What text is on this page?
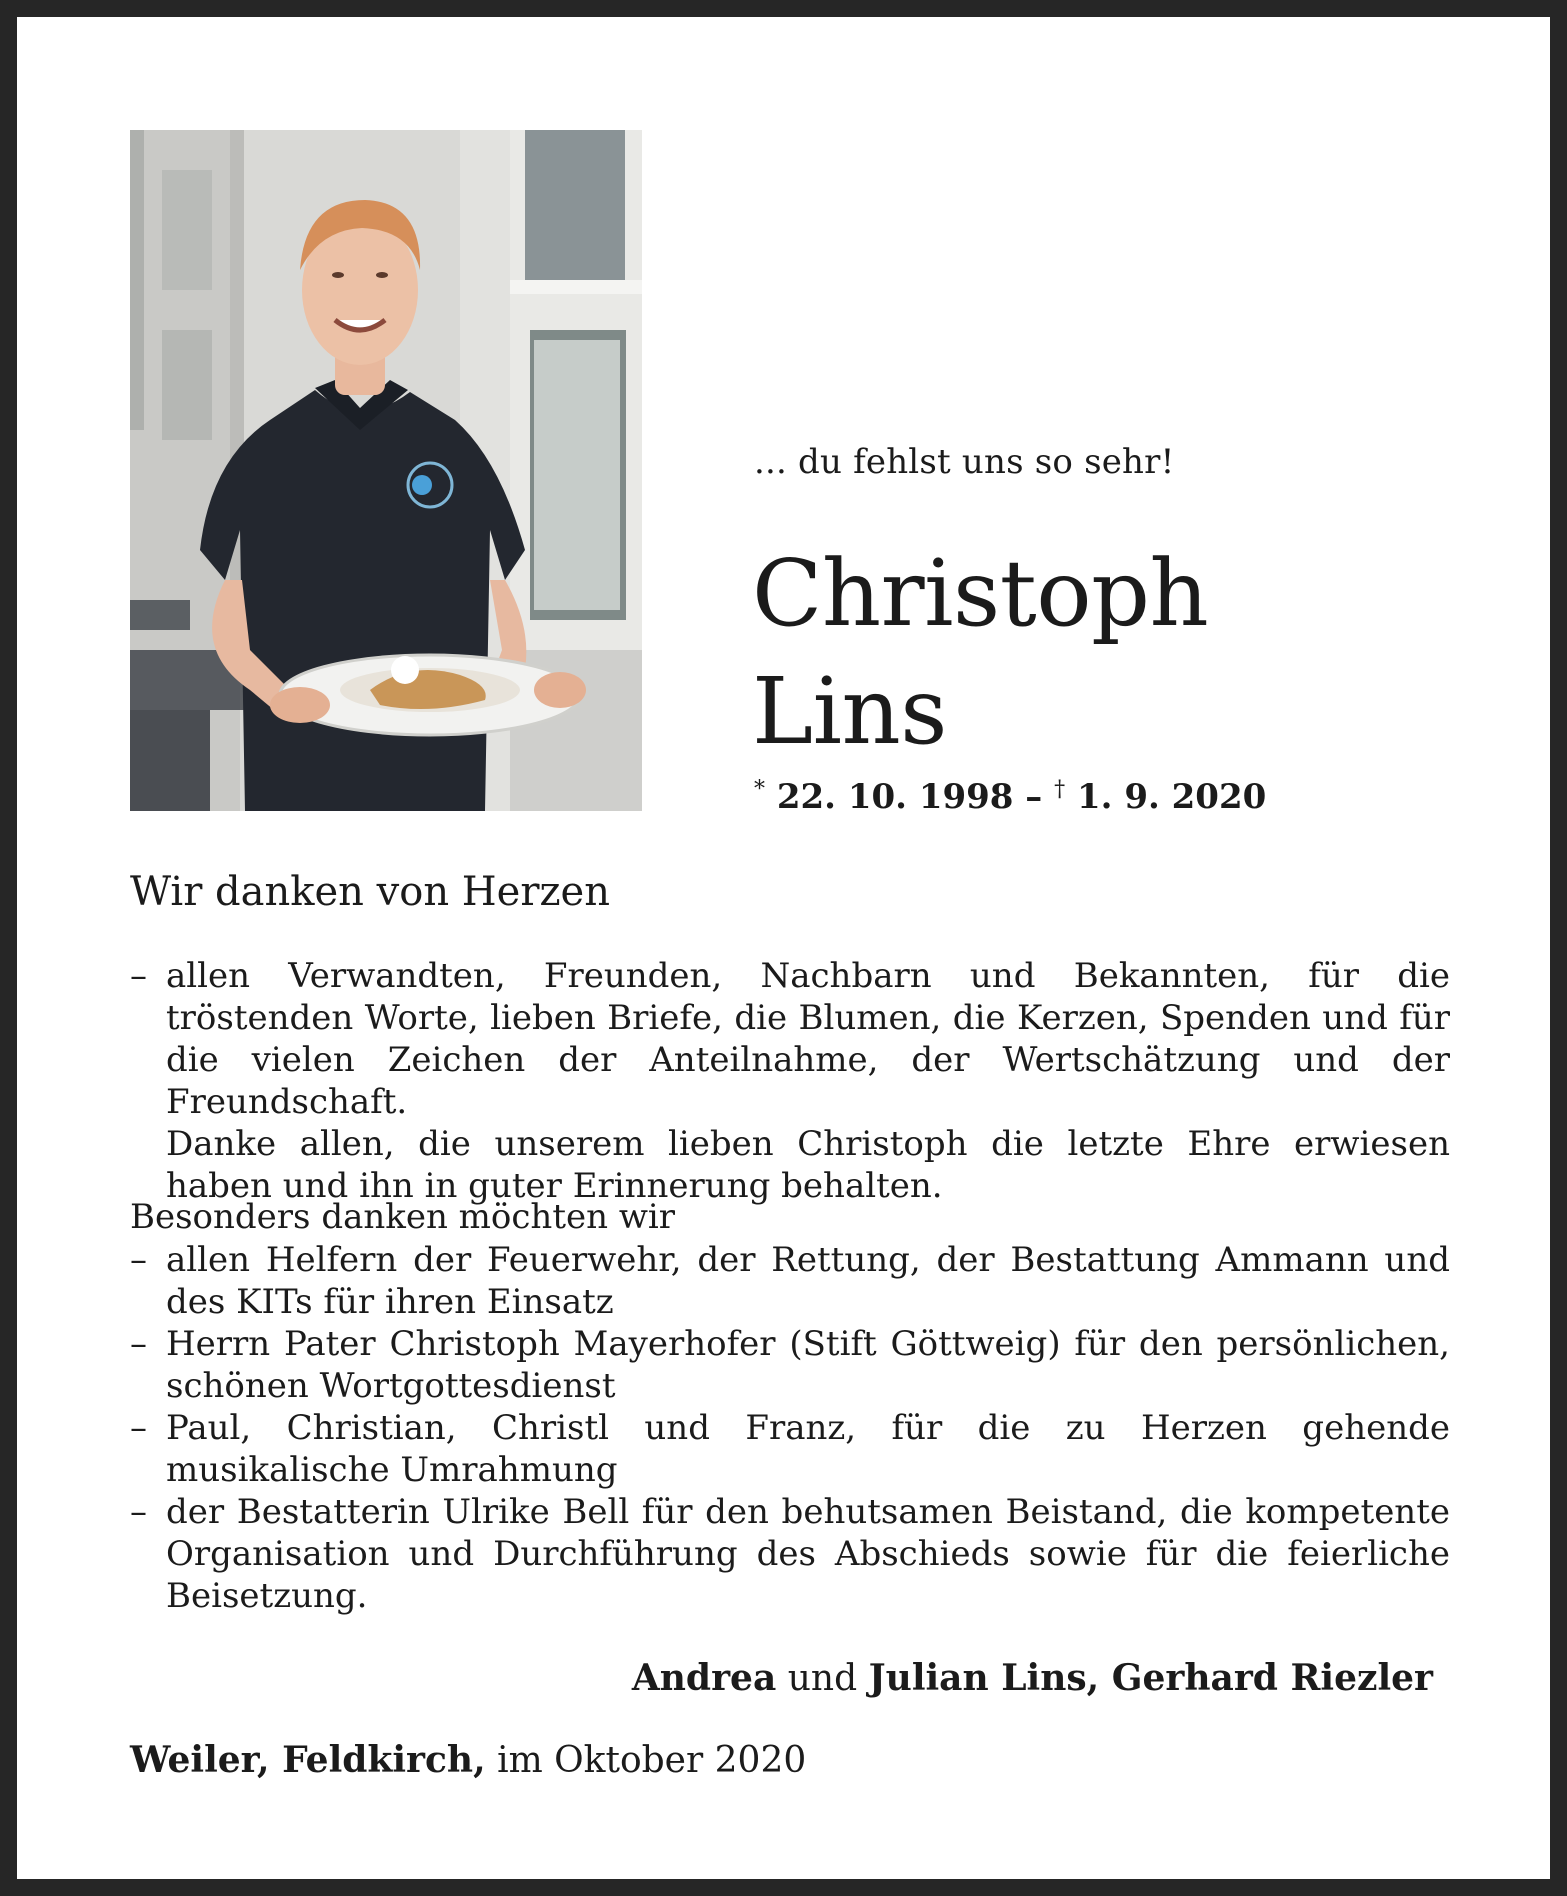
... du fehlst uns so sehr!
Christoph
Lins
* 22. 10. 1998 – † 1. 9. 2020
Wir danken von Herzen
– allen Verwandten, Freunden, Nachbarn und Bekannten, für die tröstenden Worte, lieben Briefe, die Blumen, die Kerzen, Spenden und für die vielen Zeichen der Anteilnahme, der Wertschätzung und der Freundschaft.
Danke allen, die unserem lieben Christoph die letzte Ehre erwiesen haben und ihn in guter Erinnerung behalten.
Besonders danken möchten wir
– allen Helfern der Feuerwehr, der Rettung, der Bestattung Ammann und des KITs für ihren Einsatz
– Herrn Pater Christoph Mayerhofer (Stift Göttweig) für den persönlichen, schönen Wortgottesdienst
– Paul, Christian, Christl und Franz, für die zu Herzen gehende musikalische Umrahmung
– der Bestatterin Ulrike Bell für den behutsamen Beistand, die kompetente Organisation und Durchführung des Abschieds sowie für die feierliche Beisetzung.
Andrea und Julian Lins, Gerhard Riezler
Weiler, Feldkirch, im Oktober 2020
